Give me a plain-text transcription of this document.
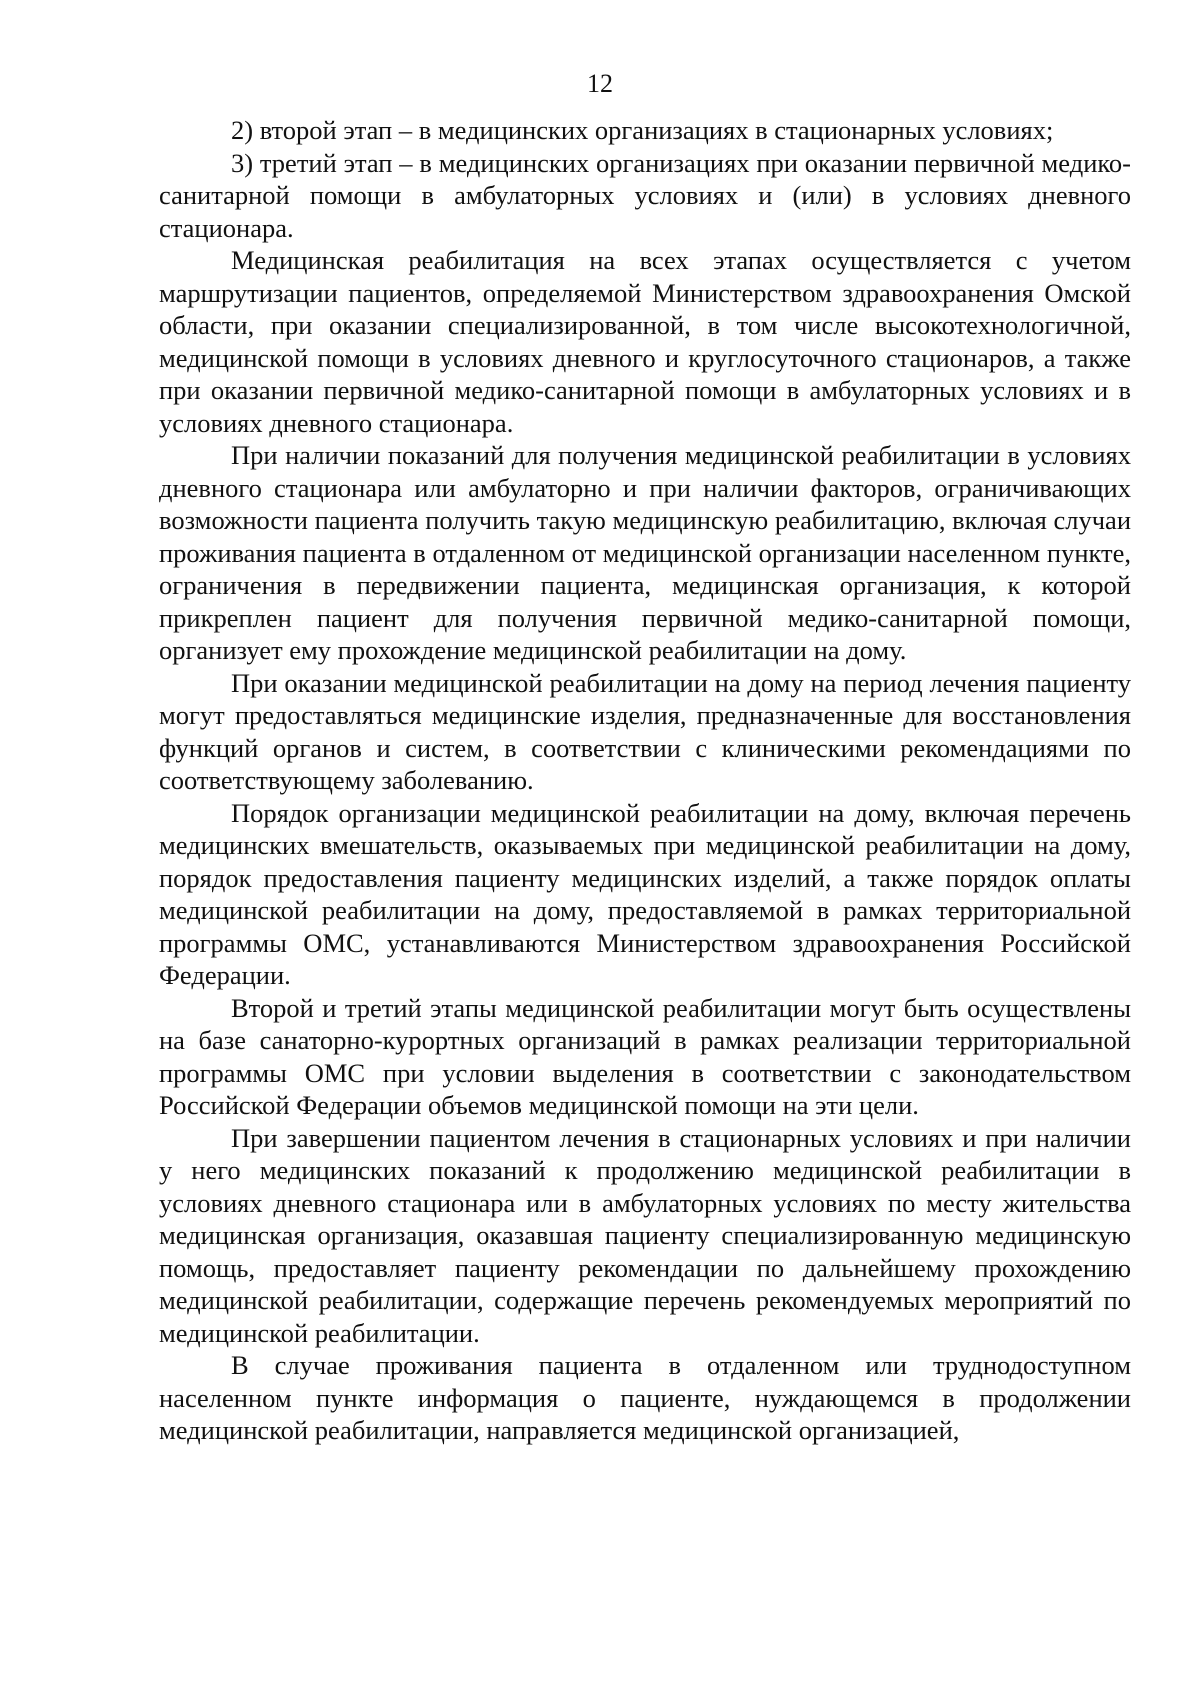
12

2) второй этап – в медицинских организациях в стационарных условиях;

3) третий этап – в медицинских организациях при оказании первичной медико-санитарной помощи в амбулаторных условиях и (или) в условиях дневного стационара.

Медицинская реабилитация на всех этапах осуществляется с учетом маршрутизации пациентов, определяемой Министерством здравоохранения Омской области, при оказании специализированной, в том числе высокотехнологичной, медицинской помощи в условиях дневного и круглосуточного стационаров, а также при оказании первичной медико-санитарной помощи в амбулаторных условиях и в условиях дневного стационара.

При наличии показаний для получения медицинской реабилитации в условиях дневного стационара или амбулаторно и при наличии факторов, ограничивающих возможности пациента получить такую медицинскую реабилитацию, включая случаи проживания пациента в отдаленном от медицинской организации населенном пункте, ограничения в передвижении пациента, медицинская организация, к которой прикреплен пациент для получения первичной медико-санитарной помощи, организует ему прохождение медицинской реабилитации на дому.

При оказании медицинской реабилитации на дому на период лечения пациенту могут предоставляться медицинские изделия, предназначенные для восстановления функций органов и систем, в соответствии с клиническими рекомендациями по соответствующему заболеванию.

Порядок организации медицинской реабилитации на дому, включая перечень медицинских вмешательств, оказываемых при медицинской реабилитации на дому, порядок предоставления пациенту медицинских изделий, а также порядок оплаты медицинской реабилитации на дому, предоставляемой в рамках территориальной программы ОМС, устанавливаются Министерством здравоохранения Российской Федерации.

Второй и третий этапы медицинской реабилитации могут быть осуществлены на базе санаторно-курортных организаций в рамках реализации территориальной программы ОМС при условии выделения в соответствии с законодательством Российской Федерации объемов медицинской помощи на эти цели.

При завершении пациентом лечения в стационарных условиях и при наличии у него медицинских показаний к продолжению медицинской реабилитации в условиях дневного стационара или в амбулаторных условиях по месту жительства медицинская организация, оказавшая пациенту специализированную медицинскую помощь, предоставляет пациенту рекомендации по дальнейшему прохождению медицинской реабилитации, содержащие перечень рекомендуемых мероприятий по медицинской реабилитации.

В случае проживания пациента в отдаленном или труднодоступном населенном пункте информация о пациенте, нуждающемся в продолжении медицинской реабилитации, направляется медицинской организацией,
